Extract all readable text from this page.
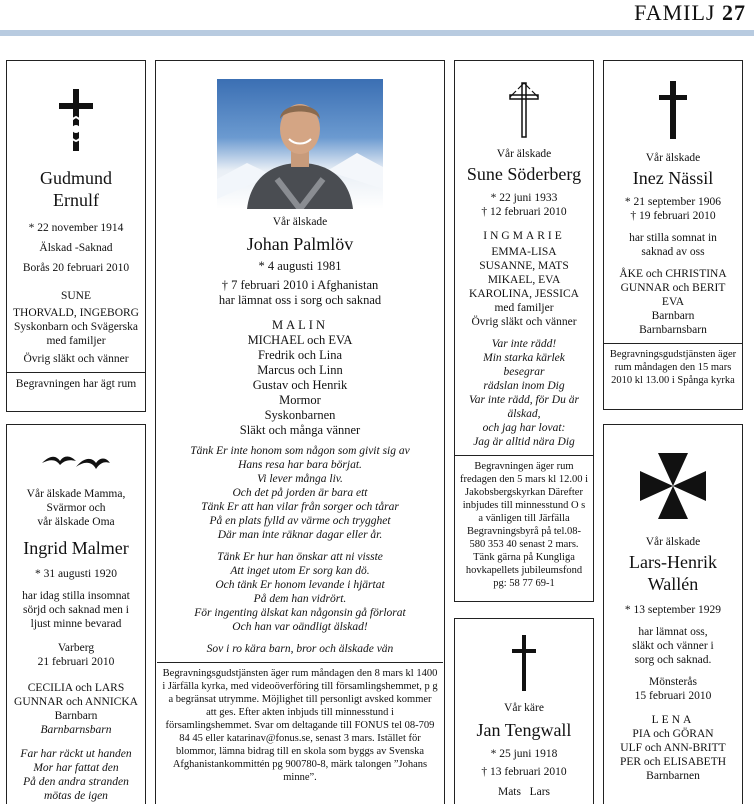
FAMILJ 27
Gudmund
Ernulf
* 22 november 1914
Älskad -Saknad
Borås 20 februari 2010
SUNE
THORVALD, INGEBORG
Syskonbarn och Svägerska
med familjer
Övrig släkt och vänner
Begravningen har ägt rum
Vår älskade Mamma,
Svärmor och
vår älskade Oma
Ingrid Malmer
* 31 augusti 1920
har idag stilla insomnat
sörjd och saknad men i
ljust minne bevarad
Varberg
21 februari 2010
CECILIA och LARS
GUNNAR och ANNICKA
Barnbarn
Barnbarnsbarn
Far har räckt ut handen
Mor har fattat den
På den andra stranden
mötas de igen
Vår älskade
Johan Palmlöv
* 4 augusti 1981
† 7 februari 2010 i Afghanistan
har lämnat oss i sorg och saknad
MALIN
MICHAEL och EVA
Fredrik och Lina
Marcus och Linn
Gustav och Henrik
Mormor
Syskonbarnen
Släkt och många vänner
Tänk Er inte honom som någon som givit sig av
Hans resa har bara börjat.
Vi lever många liv.
Och det på jorden är bara ett
Tänk Er att han vilar från sorger och tårar
På en plats fylld av värme och trygghet
Där man inte räknar dagar eller år.
Tänk Er hur han önskar att ni visste
Att inget utom Er sorg kan dö.
Och tänk Er honom levande i hjärtat
På dem han vidrört.
För ingenting älskat kan någonsin gå förlorat
Och han var oändligt älskad!
Sov i ro kära barn, bror och älskade vän
Begravningsgudstjänsten äger rum måndagen den 8 mars kl 1400 i Järfälla kyrka, med videoöverföring till församlingshemmet, p g a begränsat utrymme. Möjlighet till personligt avsked kommer att ges. Efter akten inbjuds till minnesstund i församlingshemmet. Svar om deltagande till FONUS tel 08-709 84 45 eller katarinav@fonus.se, senast 3 mars. Istället för blommor, lämna bidrag till en skola som byggs av Svenska Afghanistankommittén pg 900780-8, märk talongen ”Johans minne”.
Vår älskade
Sune Söderberg
* 22 juni 1933
† 12 februari 2010
INGMARIE
EMMA-LISA
SUSANNE, MATS
MIKAEL, EVA
KAROLINA, JESSICA
med familjer
Övrig släkt och vänner
Var inte rädd!
Min starka kärlek
besegrar
rädslan inom Dig
Var inte rädd, för Du är
älskad,
och jag har lovat:
Jag är alltid nära Dig
Begravningen äger rum fredagen den 5 mars kl 12.00 i Jakobsbergskyrkan Därefter inbjudes till minnesstund O s a vänligen till Järfälla Begravningsbyrå på tel.08-580 353 40 senast 2 mars. Tänk gärna på Kungliga hovkapellets jubileumsfond pg: 58 77 69-1
Vår käre
Jan Tengwall
* 25 juni 1918
† 13 februari 2010
Mats   Lars
Vår älskade
Inez Nässil
* 21 september 1906
† 19 februari 2010
har stilla somnat in
saknad av oss
ÅKE och CHRISTINA
GUNNAR och BERIT
EVA
Barnbarn
Barnbarnsbarn
Begravningsgudstjänsten äger rum måndagen den 15 mars 2010 kl 13.00 i Spånga kyrka
Vår älskade
Lars-Henrik
Wallén
* 13 september 1929
har lämnat oss,
släkt och vänner i
sorg och saknad.
Mönsterås
15 februari 2010
LENA
PIA och GÖRAN
ULF och ANN-BRITT
PER och ELISABETH
Barnbarnen
